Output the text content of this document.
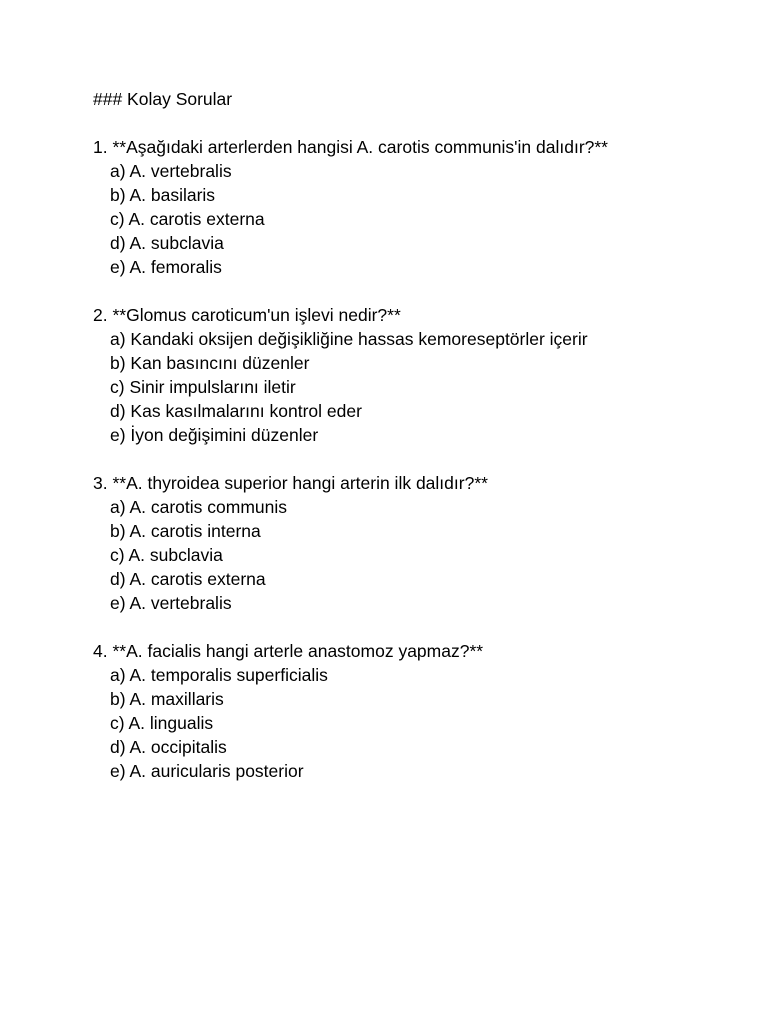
### Kolay Sorular
1. **Aşağıdaki arterlerden hangisi A. carotis communis'in dalıdır?**
a) A. vertebralis
b) A. basilaris
c) A. carotis externa
d) A. subclavia
e) A. femoralis
2. **Glomus caroticum'un işlevi nedir?**
a) Kandaki oksijen değişikliğine hassas kemoreseptörler içerir
b) Kan basıncını düzenler
c) Sinir impulslarını iletir
d) Kas kasılmalarını kontrol eder
e) İyon değişimini düzenler
3. **A. thyroidea superior hangi arterin ilk dalıdır?**
a) A. carotis communis
b) A. carotis interna
c) A. subclavia
d) A. carotis externa
e) A. vertebralis
4. **A. facialis hangi arterle anastomoz yapmaz?**
a) A. temporalis superficialis
b) A. maxillaris
c) A. lingualis
d) A. occipitalis
e) A. auricularis posterior
